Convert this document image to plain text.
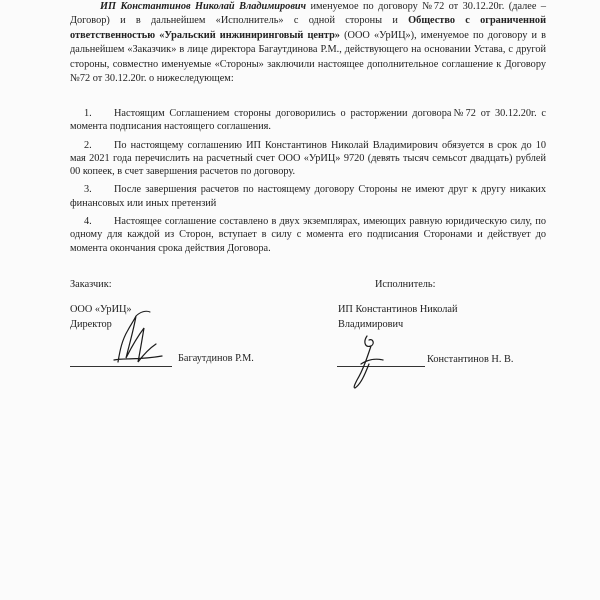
ИП Константинов Николай Владимирович именуемое по договору №72 от 30.12.20г. (далее – Договор) и в дальнейшем «Исполнитель» с одной стороны и Общество с ограниченной ответственностью «Уральский инжиниринговый центр» (ООО «УрИЦ»), именуемое по договору и в дальнейшем «Заказчик» в лице директора Багаутдинова Р.М., действующего на основании Устава, с другой стороны, совместно именуемые «Стороны» заключили настоящее дополнительное соглашение к Договору №72 от 30.12.20г. о нижеследующем:

1. Настоящим Соглашением стороны договорились о расторжении договора№72 от 30.12.20г. с момента подписания настоящего соглашения.

2. По настоящему соглашению ИП Константинов Николай Владимирович обязуется в срок до 10 мая 2021 года перечислить на расчетный счет ООО «УрИЦ» 9720 (девять тысяч семьсот двадцать) рублей 00 копеек, в счет завершения расчетов по договору.

3. После завершения расчетов по настоящему договору Стороны не имеют друг к другу никаких финансовых или иных претензий

4. Настоящее соглашение составлено в двух экземплярах, имеющих равную юридическую силу, по одному для каждой из Сторон, вступает в силу с момента его подписания Сторонами и действует до момента окончания срока действия Договора.

Заказчик:
ООО «УрИЦ»
Директор
Багаутдинов Р.М.
Исполнитель:
ИП Константинов Николай
Владимирович
Константинов Н. В.
